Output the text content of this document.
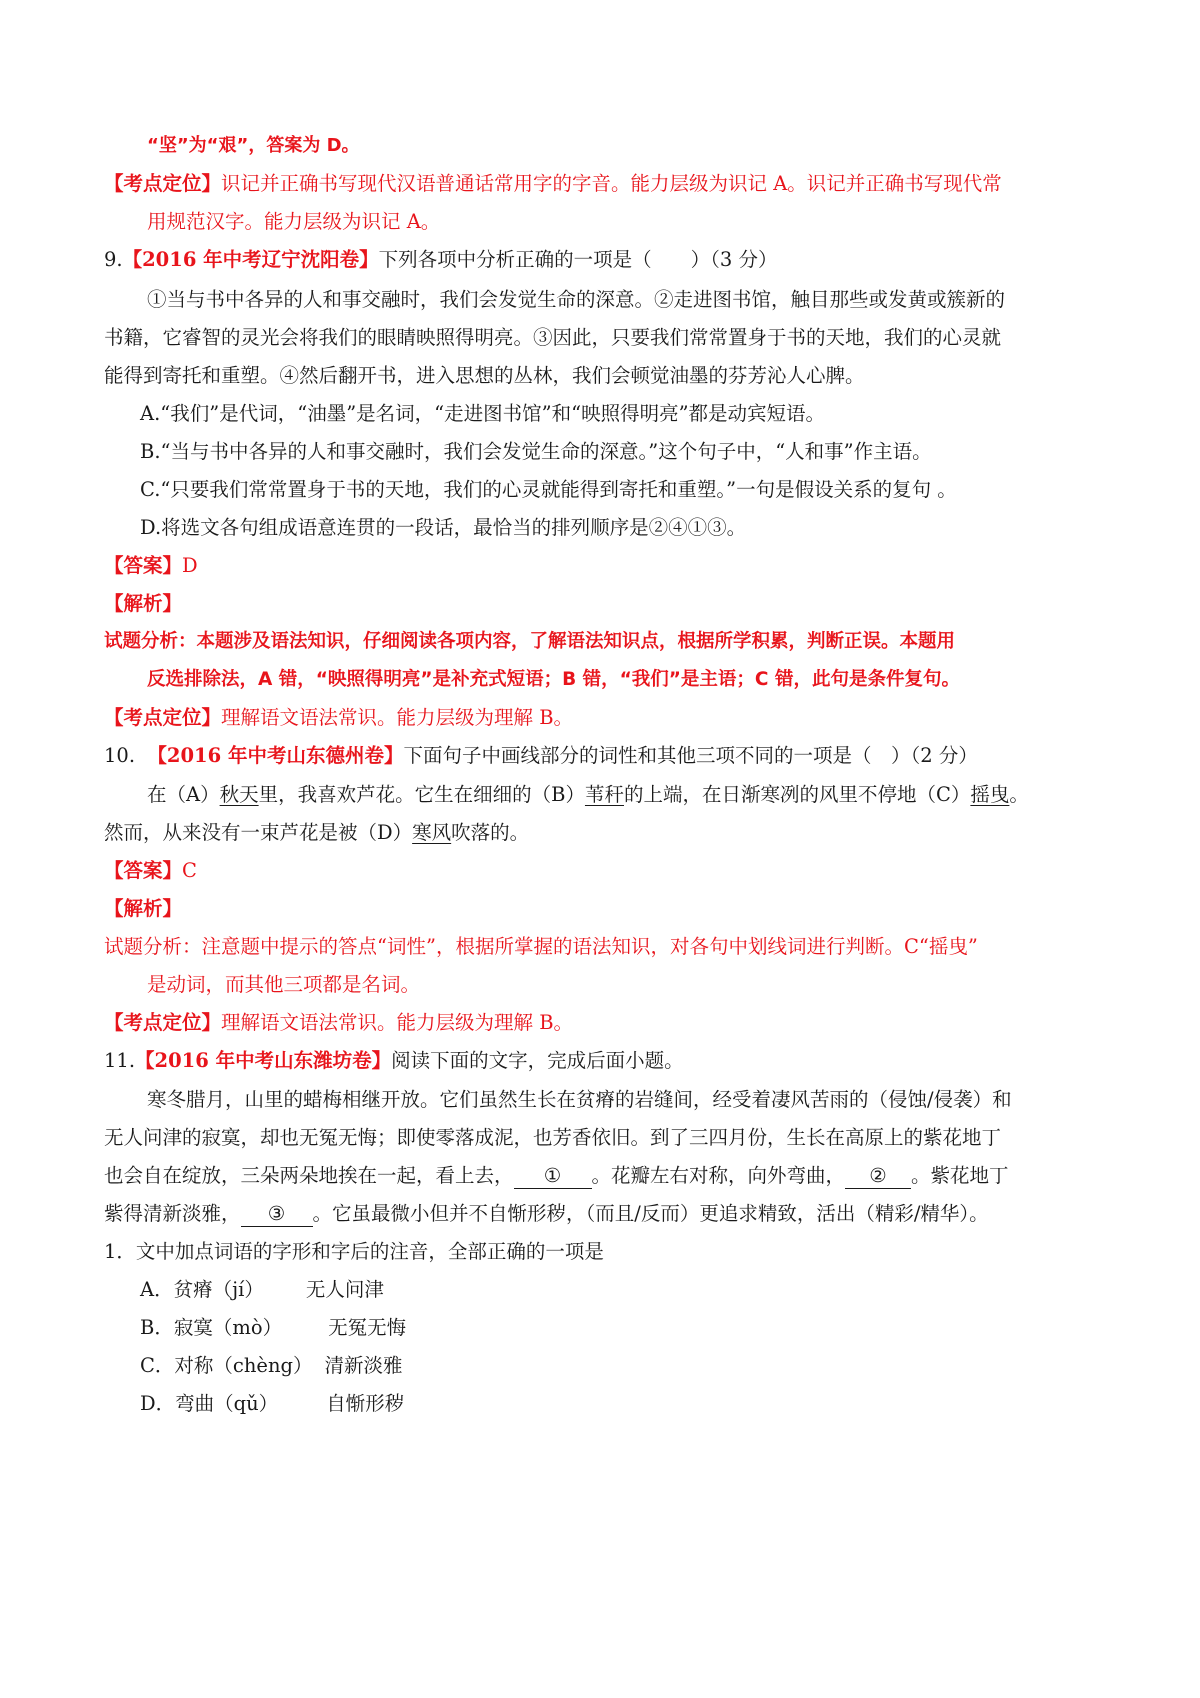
“坚”为“艰”，答案为 D。
【考点定位】识记并正确书写现代汉语普通话常用字的字音。能力层级为识记 A。识记并正确书写现代常
用规范汉字。能力层级为识记 A。
9.【2016 年中考辽宁沈阳卷】下列各项中分析正确的一项是（　　）（3 分）
①当与书中各异的人和事交融时，我们会发觉生命的深意。②走进图书馆，触目那些或发黄或簇新的
书籍，它睿智的灵光会将我们的眼睛映照得明亮。③因此，只要我们常常置身于书的天地，我们的心灵就
能得到寄托和重塑。④然后翻开书，进入思想的丛林，我们会顿觉油墨的芬芳沁人心脾。
A.“我们”是代词，“油墨”是名词，“走进图书馆”和“映照得明亮”都是动宾短语。
B.“当与书中各异的人和事交融时，我们会发觉生命的深意。”这个句子中，“人和事”作主语。
C.“只要我们常常置身于书的天地，我们的心灵就能得到寄托和重塑。”一句是假设关系的复句 。
D.将选文各句组成语意连贯的一段话，最恰当的排列顺序是②④①③。
【答案】D
【解析】
试题分析：本题涉及语法知识，仔细阅读各项内容，了解语法知识点，根据所学积累，判断正误。本题用
反选排除法，A 错，“映照得明亮”是补充式短语；B 错，“我们”是主语；C 错，此句是条件复句。
【考点定位】理解语文语法常识。能力层级为理解 B。
10. 【2016 年中考山东德州卷】下面句子中画线部分的词性和其他三项不同的一项是（　）（2 分）
在（A）秋天里，我喜欢芦花。它生在细细的（B）苇秆的上端，在日渐寒冽的风里不停地（C）摇曳。
然而，从来没有一束芦花是被（D）寒风吹落的。
【答案】C
【解析】
试题分析：注意题中提示的答点“词性”，根据所掌握的语法知识，对各句中划线词进行判断。C“摇曳”
是动词，而其他三项都是名词。
【考点定位】理解语文语法常识。能力层级为理解 B。
11.【2016 年中考山东潍坊卷】阅读下面的文字，完成后面小题。
寒冬腊月，山里的蜡梅相继开放。它们虽然生长在贫瘠的岩缝间，经受着凄风苦雨的（侵蚀/侵袭）和
无人问津的寂寞，却也无冤无悔；即使零落成泥，也芳香依旧。到了三四月份，生长在高原上的紫花地丁
也会自在绽放，三朵两朵地挨在一起，看上去， ① 。花瓣左右对称，向外弯曲， ② 。紫花地丁
紫得清新淡雅， ③ 。它虽最微小但并不自惭形秽，（而且/反而）更追求精致，活出（精彩/精华）。
1．文中加点词语的字形和字后的注音，全部正确的一项是
A．贫瘠（jí） 无人问津
B．寂寞（mò） 无冤无悔
C．对称（chèng） 清新淡雅
D．弯曲（qǔ） 自惭形秽
